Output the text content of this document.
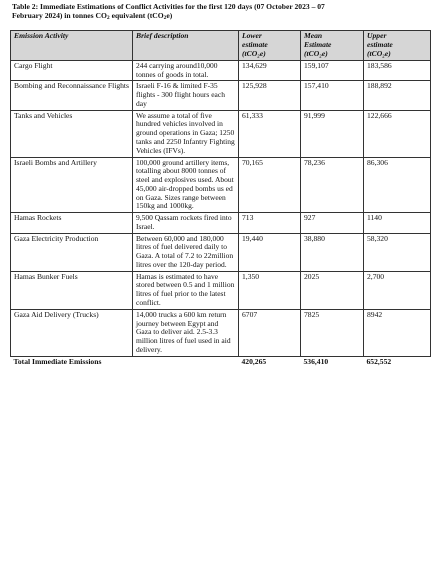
Table 2: Immediate Estimations of Conflict Activities for the first 120 days (07 October 2023 – 07
February 2024) in tonnes $CO_2$ equivalent (tCO$_2$e)
Emission Activity	Brief description	Lower
estimate
(tCO₂e)	Mean
Estimate
(tCO₂e)	Upper
estimate
(tCO₂e)
Cargo Flight	244 carrying around10,000 tonnes of goods in total.	134,629	159,107	183,586
Bombing and Reconnaissance Flights	Israeli F-16 & limited F-35 flights - 300 flight hours each day	125,928	157,410	188,892
Tanks and Vehicles	We assume a total of five hundred vehicles involved in ground operations in Gaza; 1250 tanks and 2250 Infantry Fighting Vehicles (IFVs).	61,333	91,999	122,666
Israeli Bombs and Artillery	100,000 ground artillery items, totalling about 8000 tonnes of steel and explosives used. About 45,000 air-dropped bombs us ed on Gaza. Sizes range between 150kg and 1000kg.	70,165	78,236	86,306
Hamas Rockets	9,500 Qassam rockets fired into Israel.	713	927	1140
Gaza Electricity Production	Between 60,000 and 180,000 litres of fuel delivered daily to Gaza. A total of 7.2 to 22million litres over the 120-day period.	19,440	38,880	58,320
Hamas Bunker Fuels	Hamas is estimated to have stored between 0.5 and 1 million litres of fuel prior to the latest conflict.	1,350	2025	2,700
Gaza Aid Delivery (Trucks)	14,000 trucks a 600 km return journey between Egypt and Gaza to deliver aid. 2.5-3.3 million litres of fuel used in aid delivery.	6707	7825	8942
Total Immediate Emissions		420,265	536,410	652,552
